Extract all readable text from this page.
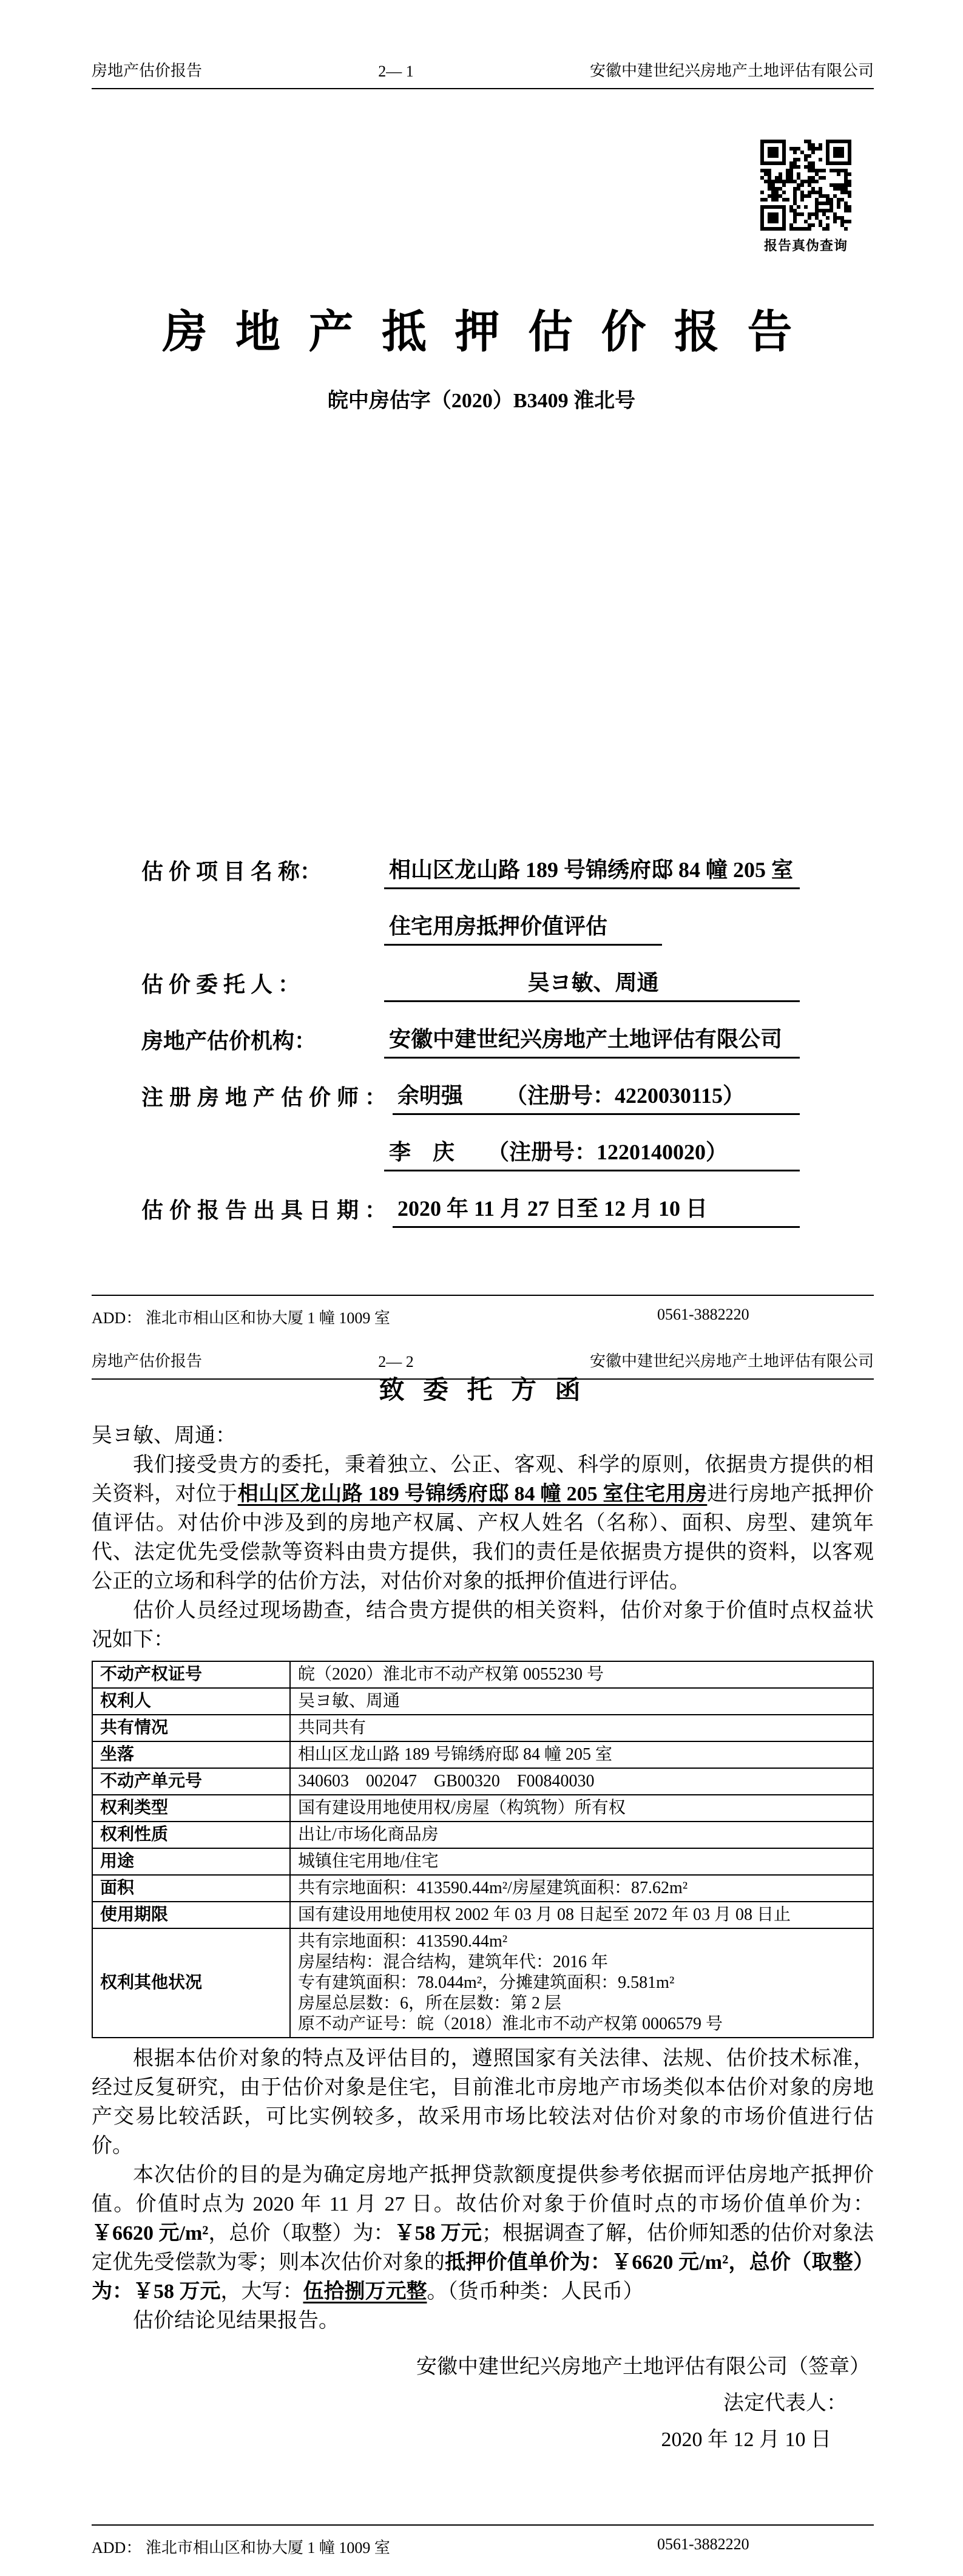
房地产估价报告	2— 1	安徽中建世纪兴房地产土地评估有限公司
报告真伪查询
房 地 产 抵 押 估 价 报 告
皖中房估字（2020）B3409 淮北号
估 价 项 目 名 称：	相山区龙山路 189 号锦绣府邸 84 幢 205 室
住宅用房抵押价值评估
估 价 委 托 人 ：	吴ヨ敏、周通
房地产估价机构：	安徽中建世纪兴房地产土地评估有限公司
注册房地产估价师： 余明强 （注册号：4220030115）
李　庆　　（注册号：1220140020）
估价报告出具日期： 2020 年 11 月 27 日至 12 月 10 日
ADD： 淮北市相山区和协大厦 1 幢 1009 室	0561-3882220
房地产估价报告	2— 2	安徽中建世纪兴房地产土地评估有限公司
致 委 托 方 函

吴ヨ敏、周通：

我们接受贵方的委托，秉着独立、公正、客观、科学的原则，依据贵方提供的相关资料，对位于相山区龙山路 189 号锦绣府邸 84 幢 205 室住宅用房进行房地产抵押价值评估。对估价中涉及到的房地产权属、产权人姓名（名称）、面积、房型、建筑年代、法定优先受偿款等资料由贵方提供，我们的责任是依据贵方提供的资料，以客观公正的立场和科学的估价方法，对估价对象的抵押价值进行评估。

估价人员经过现场勘查，结合贵方提供的相关资料，估价对象于价值时点权益状况如下：

不动产权证号	皖（2020）淮北市不动产权第 0055230 号
权利人	吴ヨ敏、周通
共有情况	共同共有
坐落	相山区龙山路 189 号锦绣府邸 84 幢 205 室
不动产单元号	340603  002047  GB00320  F00840030
权利类型	国有建设用地使用权/房屋（构筑物）所有权
权利性质	出让/市场化商品房
用途	城镇住宅用地/住宅
面积	共有宗地面积：413590.44m²/房屋建筑面积：87.62m²
使用期限	国有建设用地使用权 2002 年 03 月 08 日起至 2072 年 03 月 08 日止
权利其他状况	共有宗地面积：413590.44m²
房屋结构：混合结构，建筑年代：2016 年
专有建筑面积：78.044m²，分摊建筑面积：9.581m²
房屋总层数：6，所在层数：第 2 层
原不动产证号：皖（2018）淮北市不动产权第 0006579 号

根据本估价对象的特点及评估目的，遵照国家有关法律、法规、估价技术标准，经过反复研究，由于估价对象是住宅，目前淮北市房地产市场类似本估价对象的房地产交易比较活跃，可比实例较多，故采用市场比较法对估价对象的市场价值进行估价。

本次估价的目的是为确定房地产抵押贷款额度提供参考依据而评估房地产抵押价值。价值时点为 2020 年 11 月 27 日。故估价对象于价值时点的市场价值单价为：￥6620 元/m²，总价（取整）为：￥58 万元；根据调查了解，估价师知悉的估价对象法定优先受偿款为零；则本次估价对象的抵押价值单价为：￥6620 元/m²，总价（取整）为：￥58 万元，大写：伍拾捌万元整。（货币种类：人民币）

估价结论见结果报告。

安徽中建世纪兴房地产土地评估有限公司（签章）
法定代表人：
2020 年 12 月 10 日
ADD： 淮北市相山区和协大厦 1 幢 1009 室	0561-3882220
